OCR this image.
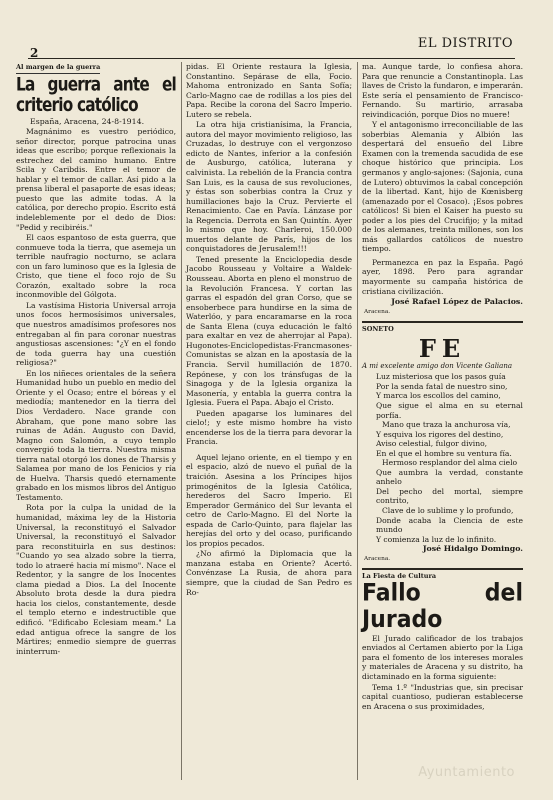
2
EL DISTRITO
Al margen de la guerra
La guerra ante el criterio católico

España, Aracena, 24-8-1914.

Magnánimo es vuestro periódico, señor director, porque patrocina unas ideas que escribo; porque reflexionais la estrechez del camino humano. Entre Scila y Caribdis. Entre el temor de hablar y el temor de callar. Así pido a la prensa liberal el pasaporte de esas ideas; puesto que las admite todas. A la católica, por derecho propio. Escrito está indeleblemente por el dedo de Dios: "Pedid y recibiréis."

El caos espantoso de esta guerra, que conmueve toda la tierra, que asemeja un terrible naufragio nocturno, se aclara con un faro luminoso que es la Iglesia de Cristo, que tiene el foco rojo de Su Corazón, exaltado sobre la roca inconmovible del Gólgota.

La vastísima Historia Universal arroja unos focos hermosísimos universales, que nuestros amadísimos profesores nos entregaban al fin para coronar nuestras angustiosas ascensiones: "¿Y en el fondo de toda guerra hay una cuestión religiosa?"

En los niñeces orientales de la señera Humanidad hubo un pueblo en medio del Oriente y el Ocaso; entre el bóreas y el mediodía; mantenedor en la tierra del Dios Verdadero. Nace grande con Abraham, que pone mano sobre las ruinas de Adán. Augusto con David, Magno con Salomón, a cuyo templo convergió toda la tierra. Nuestra misma tierra natal otorgó los dones de Tharsis y Salamea por mano de los Fenicios y ría de Huelva. Tharsis quedó eternamente grabado en los mismos libros del Antiguo Testamento.

Rota por la culpa la unidad de la humanidad, máxima ley de la Historia Universal, la reconstituyó el Salvador Universal, la reconstituyó el Salvador para reconstituirla en sus destinos: "Cuando yo sea alzado sobre la tierra, todo lo atraeré hacia mí mismo". Nace el Redentor, y la sangre de los Inocentes clama piedad a Dios. La del Inocente Absoluto brota desde la dura piedra hacia los cielos, constantemente, desde el templo eterno e indestructible que edificó. "Edificabo Eclesiam meam." La edad antigua ofrece la sangre de los Mártires; enmedio siempre de guerras ininterrum-

pidas. El Oriente restaura la Iglesia, Constantino. Sepárase de ella, Focio. Mahoma entronizado en Santa Sofía; Carlo-Magno cae de rodillas a los pies del Papa. Recibe la corona del Sacro Imperio. Lutero se rebela.

La otra hija cristianísima, la Francia, autora del mayor movimiento religioso, las Cruzadas, lo destruye con el vergonzoso edicto de Nantes, inferior a la confesión de Ausburgo, católica, luterana y calvinista. La rebelión de la Francia contra San Luis, es la causa de sus revoluciones, y éstas son soberbias contra la Cruz y humillaciones bajo la Cruz. Pervierte el Renacimiento. Cae en Pavía. Lánzase por la Regencia. Derrota en San Quintín. Ayer lo mismo que hoy. Charleroi, 150.000 muertos delante de París, hijos de los conquistadores de Jerusalem!!!

Tened presente la Enciclopedia desde Jacobo Rousseau y Voltaire a Waldek-Rousseau. Aborta en pleno el monstruo de la Revolución Francesa. Y cortan las garras el espadón del gran Corso, que se ensoberbece para hundirse en la sima de Waterlóo, y para encaramarse en la roca de Santa Elena (cuya educación le faltó para exaltar en vez de aherrojar al Papa). Hugonotes-Enciclopedistas-Francmasones-Comunistas se alzan en la apostasía de la Francia. Servil humillación de 1870. Repónese, y con los tránsfugas de la Sinagoga y de la Iglesia organiza la Masonería, y entabla la guerra contra la Iglesia. Fuera el Papa. Abajo el Cristo.

Pueden apagarse los luminares del cielo!; y este mismo hombre ha visto encenderse los de la tierra para devorar la Francia.

Aquel lejano oriente, en el tiempo y en el espacio, alzó de nuevo el puñal de la traición. Asesina a los Príncipes hijos primogénitos de la Iglesia Católica, herederos del Sacro Imperio. El Emperador Germánico del Sur levanta el cetro de Carlo-Magno. El del Norte la espada de Carlo-Quinto, para flajelar las herejías del orto y del ocaso, purificando los propios pecados.

¿No afirmó la Diplomacia que la manzana estaba en Oriente? Acertó. Convénzase La Rusia, de ahora para siempre, que la ciudad de San Pedro es Ro-

ma. Aunque tarde, lo confiesa ahora. Para que renuncie a Constantinopla. Las llaves de Cristo la fundaron, e imperarán. Este sería el pensamiento de Francisco-Fernando. Su martirio, arrasaba reivindicación, porque Dios no muere!

Y el antagonismo irreconciliable de las soberbias Alemania y Albión las despertará del ensueño del Libre Examen con la tremenda sacudida de ese choque histórico que principia. Los germanos y anglo-sajones: (Sajonia, cuna de Lutero) obtuvimos la cabal concepción de la libertad. Kant, hijo de Kœnisberg (amenazado por el Cosaco). ¡Esos pobres católicos! Si bien el Kaiser ha puesto su poder a los pies del Crucifijo; y la mitad de los alemanes, treinta millones, son los más gallardos católicos de nuestro tiempo.

Permanezca en paz la España. Pagó ayer, 1898. Pero para agrandar mayormente su campaña histórica de cristiana civilización.

José Rafael López de Palacios.

Aracena.

SONETO

FE

A mi excelente amigo don Vicente Galiana

Luz misteriosa que los pasos guía

Por la senda fatal de nuestro sino,

Y marca los escollos del camino,

Que sigue el alma en su eternal porfía.

Mano que traza la anchurosa vía,

Y esquiva los rigores del destino,

Aviso celestial, fulgor divino,

En el que el hombre su ventura fía.

Hermoso resplandor del alma cielo

Que aumbra la verdad, constante anhelo

Del pecho del mortal, siempre contrito,

Clave de lo sublime y lo profundo,

Donde acaba la Ciencia de este mundo

Y comienza la luz de lo infinito.

José Hidalgo Domingo.

Aracena.

La Fiesta de Cultura

Fallo del Jurado

El Jurado calificador de los trabajos enviados al Certamen abierto por la Liga para el fomento de los intereses morales y materiales de Aracena y su distrito, ha dictaminado en la forma siguiente:

Tema 1.º "Industrias que, sin precisar capital cuantioso, pudieran establecerse en Aracena o sus proximidades,

Ayuntamiento
